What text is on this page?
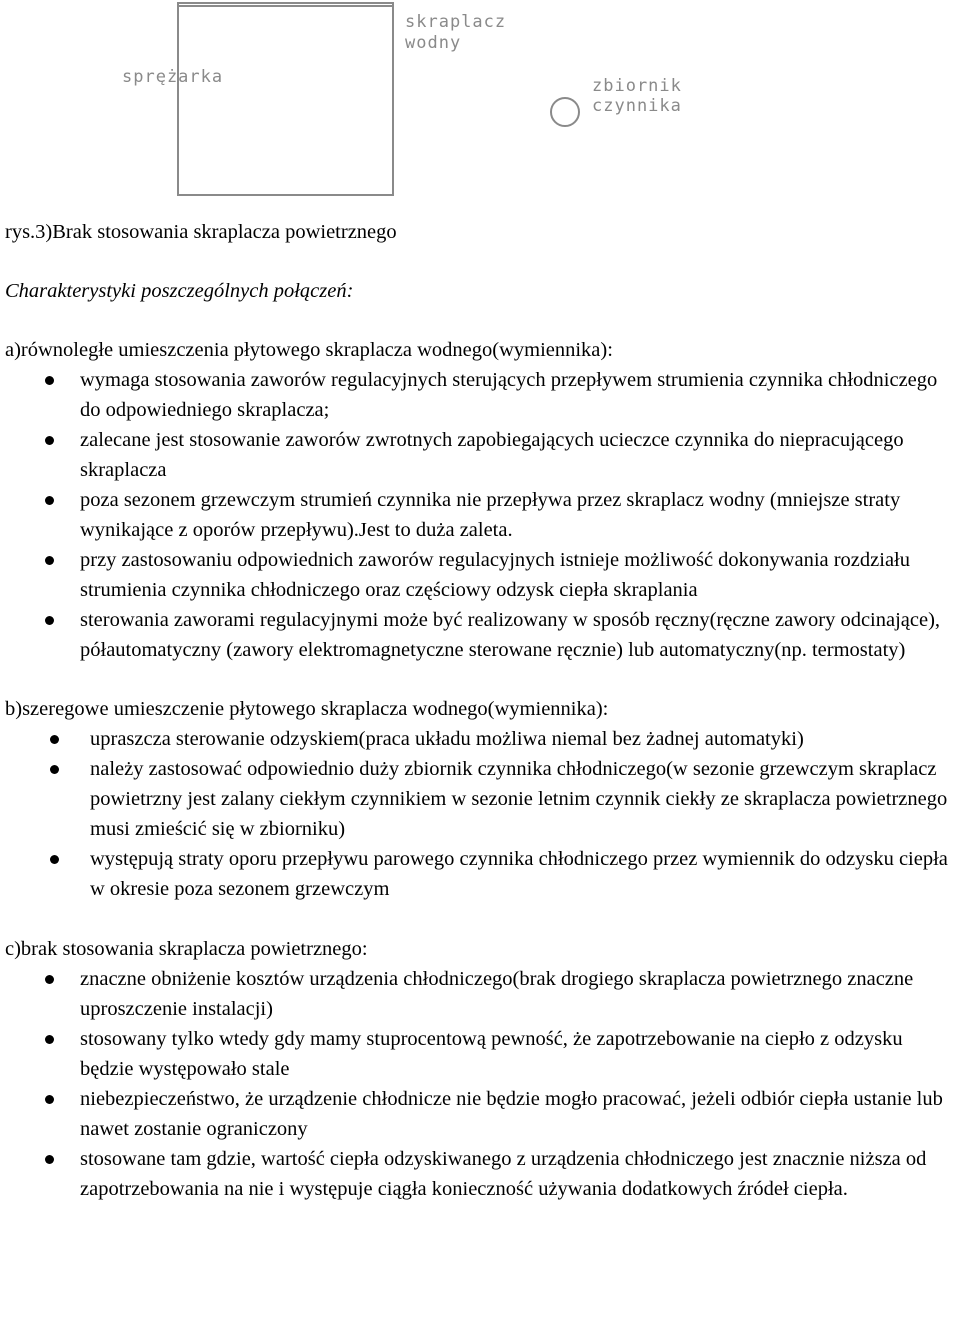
skraplacz
wodny
sprężarka	zbiornik
czynnika
rys.3)Brak stosowania skraplacza powietrznego
Charakterystyki poszczególnych połączeń:
a)równoległe umieszczenia płytowego skraplacza wodnego(wymiennika):
wymaga stosowania zaworów regulacyjnych sterujących przepływem strumienia czynnika chłodniczego do odpowiedniego skraplacza;
zalecane jest stosowanie zaworów zwrotnych zapobiegających ucieczce czynnika do niepracującego skraplacza
poza sezonem grzewczym strumień czynnika nie przepływa przez skraplacz wodny (mniejsze straty wynikające z oporów przepływu).Jest to duża zaleta.
przy zastosowaniu odpowiednich zaworów regulacyjnych istnieje możliwość dokonywania rozdziału strumienia czynnika chłodniczego oraz częściowy odzysk ciepła skraplania
sterowania zaworami regulacyjnymi może być realizowany w sposób ręczny(ręczne zawory odcinające), półautomatyczny (zawory elektromagnetyczne sterowane ręcznie) lub automatyczny(np. termostaty)
b)szeregowe umieszczenie płytowego skraplacza wodnego(wymiennika):
upraszcza sterowanie odzyskiem(praca układu możliwa niemal bez żadnej automatyki)
należy zastosować odpowiednio duży zbiornik czynnika chłodniczego(w sezonie grzewczym skraplacz powietrzny jest zalany ciekłym czynnikiem w sezonie letnim czynnik ciekły ze skraplacza powietrznego musi zmieścić się w zbiorniku)
występują straty oporu przepływu parowego czynnika chłodniczego przez wymiennik do odzysku ciepła w okresie poza sezonem grzewczym
c)brak stosowania skraplacza powietrznego:
znaczne obniżenie kosztów urządzenia chłodniczego(brak drogiego skraplacza powietrznego znaczne uproszczenie instalacji)
stosowany tylko wtedy gdy mamy stuprocentową pewność, że zapotrzebowanie na ciepło z odzysku będzie występowało stale
niebezpieczeństwo, że urządzenie chłodnicze nie będzie mogło pracować, jeżeli odbiór ciepła ustanie lub nawet zostanie ograniczony
stosowane tam gdzie, wartość ciepła odzyskiwanego z urządzenia chłodniczego jest znacznie niższa od zapotrzebowania na nie i występuje ciągła konieczność używania dodatkowych źródeł ciepła.
